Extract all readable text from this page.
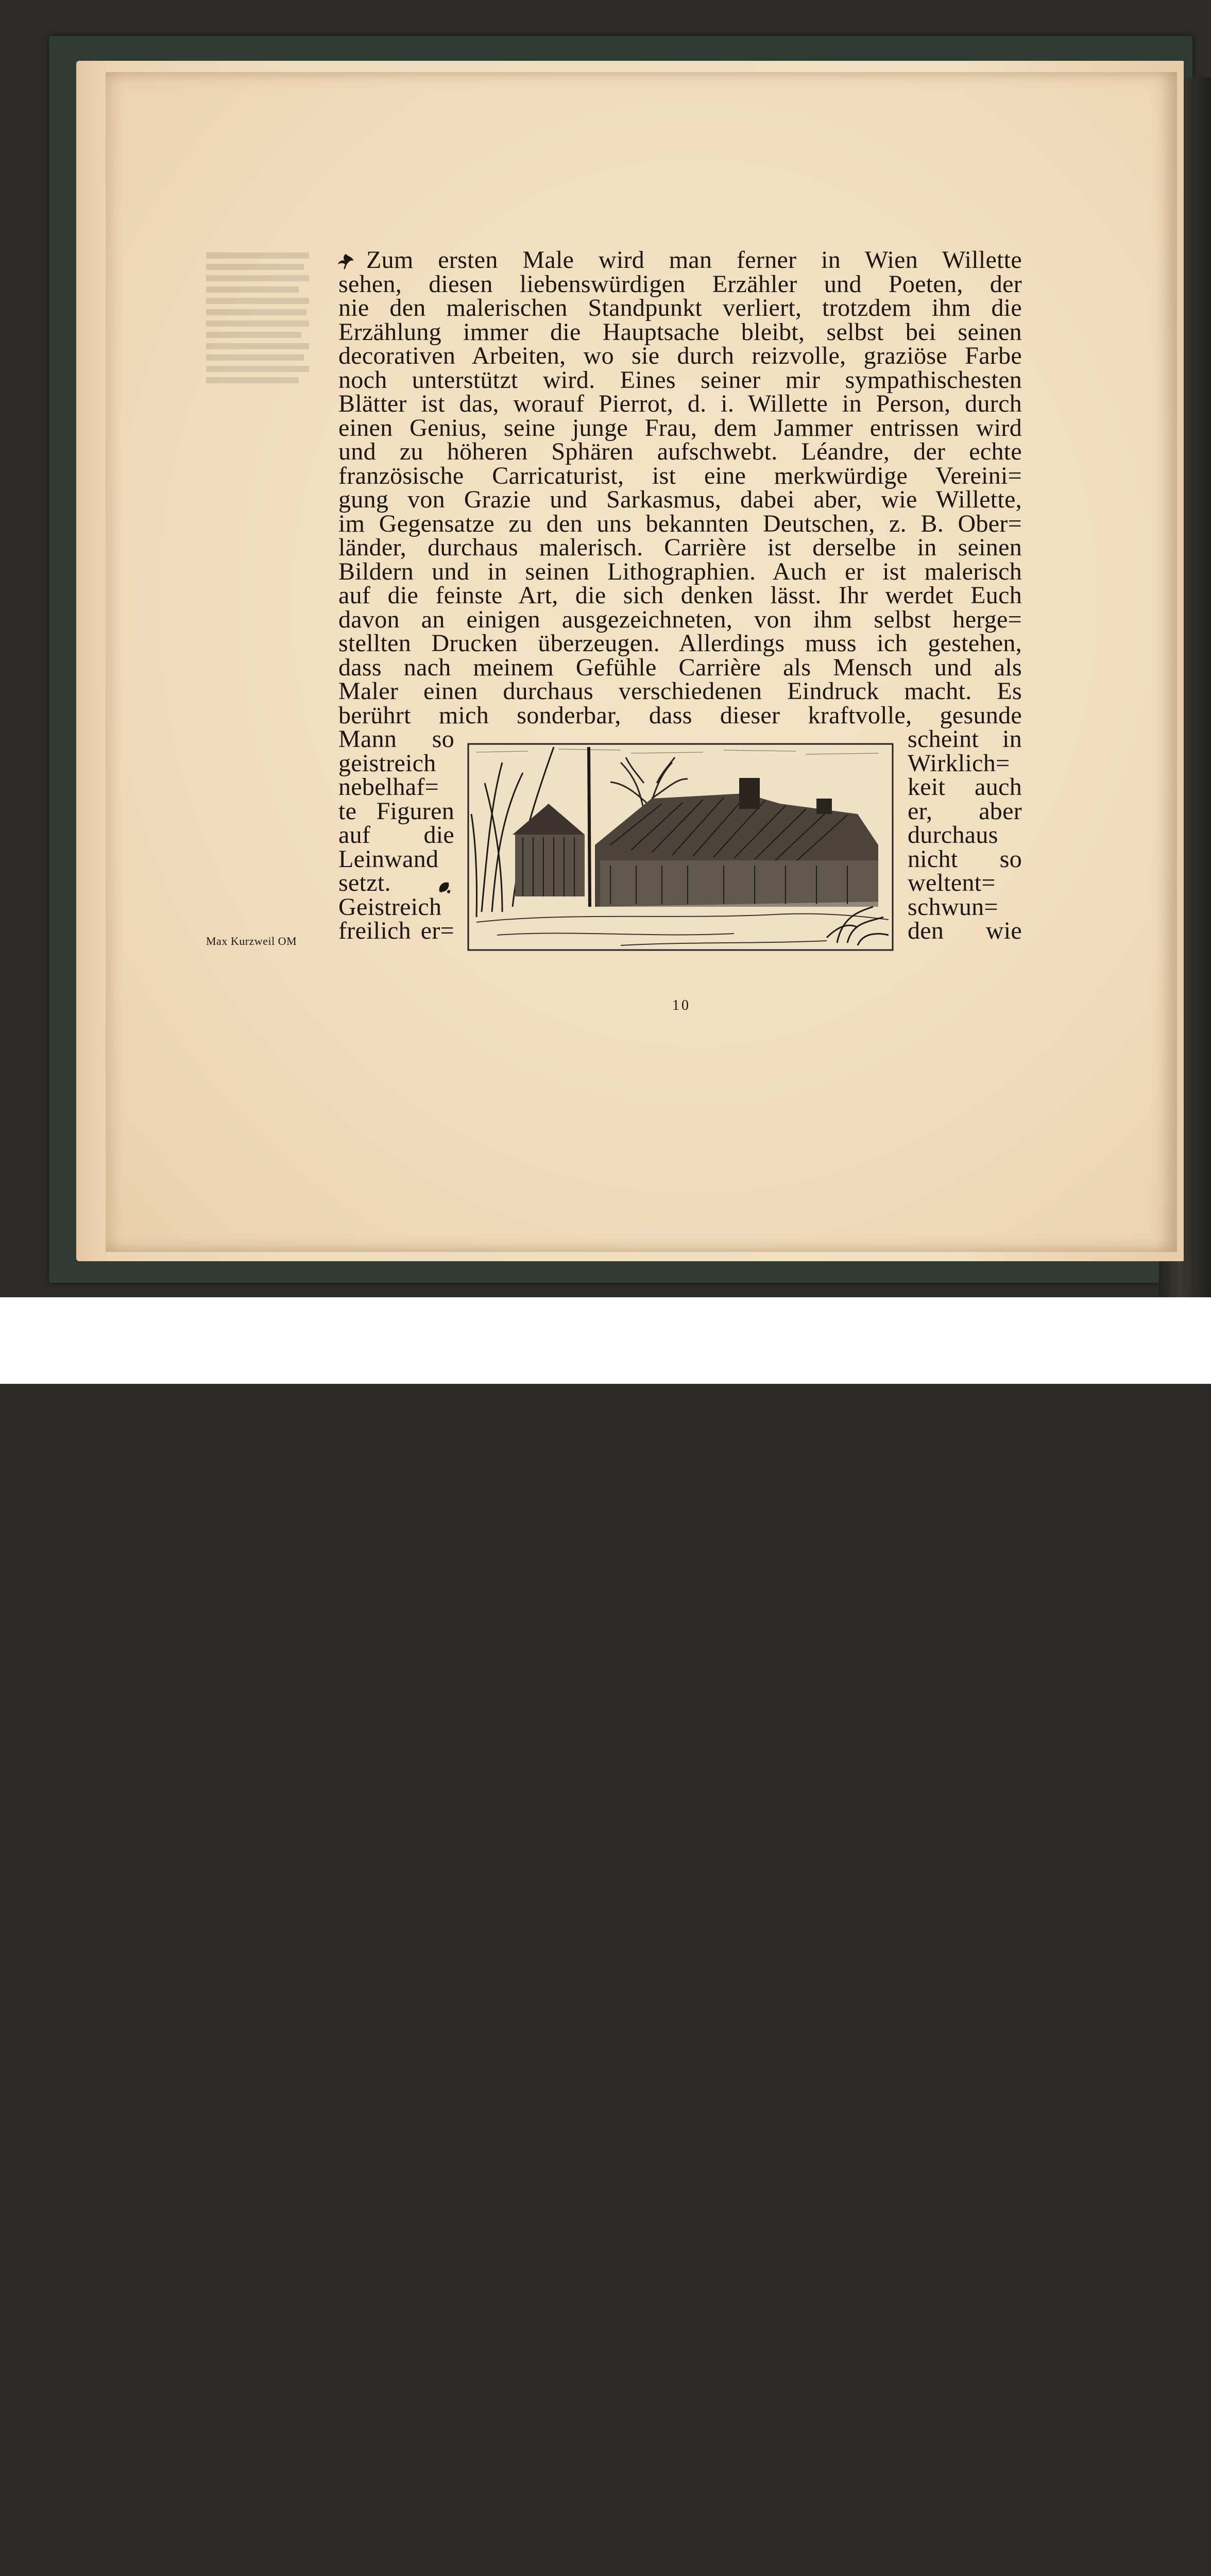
Zum ersten Male wird man ferner in Wien Willette
sehen, diesen liebenswürdigen Erzähler und Poeten, der
nie den malerischen Standpunkt verliert, trotzdem ihm die
Erzählung immer die Hauptsache bleibt, selbst bei seinen
decorativen Arbeiten, wo sie durch reizvolle, graziöse Farbe
noch unterstützt wird. Eines seiner mir sympathischesten
Blätter ist das, worauf Pierrot, d. i. Willette in Person, durch
einen Genius, seine junge Frau, dem Jammer entrissen wird
und zu höheren Sphären aufschwebt. Léandre, der echte
französische Carricaturist, ist eine merkwürdige Vereini=
gung von Grazie und Sarkasmus, dabei aber, wie Willette,
im Gegensatze zu den uns bekannten Deutschen, z. B. Ober=
länder, durchaus malerisch. Carrière ist derselbe in seinen
Bildern und in seinen Lithographien. Auch er ist malerisch
auf die feinste Art, die sich denken lässt. Ihr werdet Euch
davon an einigen ausgezeichneten, von ihm selbst herge=
stellten Drucken überzeugen. Allerdings muss ich gestehen,
dass nach meinem Gefühle Carrière als Mensch und als
Maler einen durchaus verschiedenen Eindruck macht. Es
berührt mich sonderbar, dass dieser kraftvolle, gesunde
Mann so
geistreich
nebelhaf=
te Figuren
auf die
Leinwand
setzt.
Geistreich
freilich er=
scheint in
Wirklich=
keit auch
er, aber
durchaus
nicht so
weltent=
schwun=
den wie
Max Kurzweil OM
10
